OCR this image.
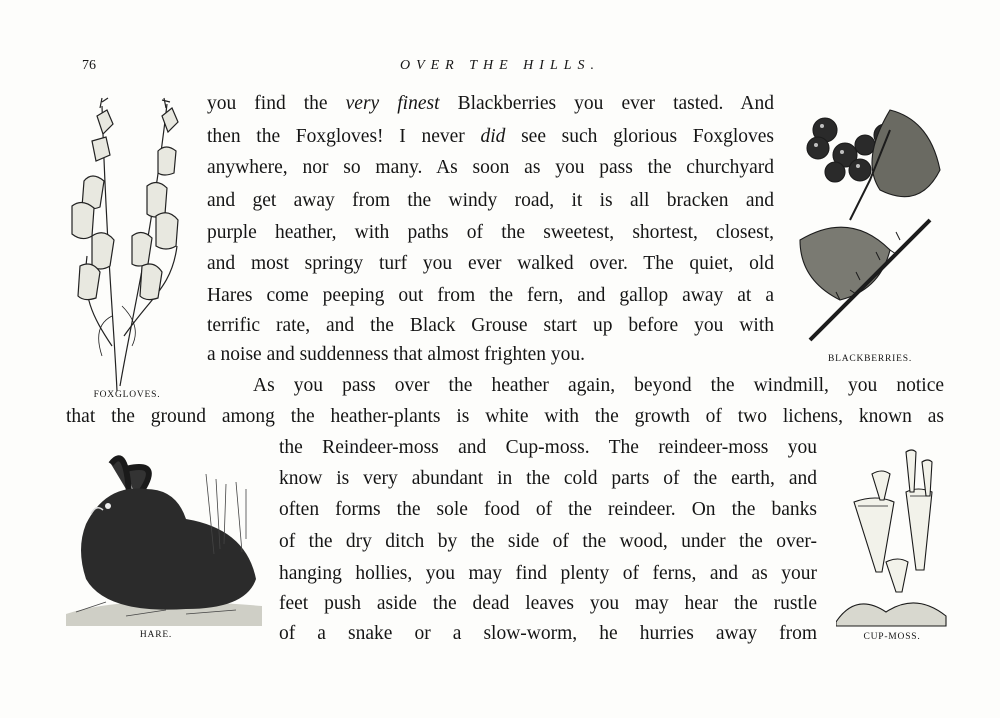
76	OVER THE HILLS.
you find the very finest Blackberries you ever tasted. And
then the Foxgloves! I never did see such glorious Foxgloves
anywhere, nor so many. As soon as you pass the churchyard
and get away from the windy road, it is all bracken and
purple heather, with paths of the sweetest, shortest, closest,
and most springy turf you ever walked over. The quiet, old
Hares come peeping out from the fern, and gallop away at a
terrific rate, and the Black Grouse start up before you with
a noise and suddenness that almost frighten you.
As you pass over the heather again, beyond the windmill, you notice
that the ground among the heather-plants is white with the growth of two lichens, known as
the Reindeer-moss and Cup-moss. The reindeer-moss you
know is very abundant in the cold parts of the earth, and
often forms the sole food of the reindeer. On the banks
of the dry ditch by the side of the wood, under the over-
hanging hollies, you may find plenty of ferns, and as your
feet push aside the dead leaves you may hear the rustle
of a snake or a slow-worm, he hurries away from
FOXGLOVES.
BLACKBERRIES.
HARE.	CUP-MOSS.
